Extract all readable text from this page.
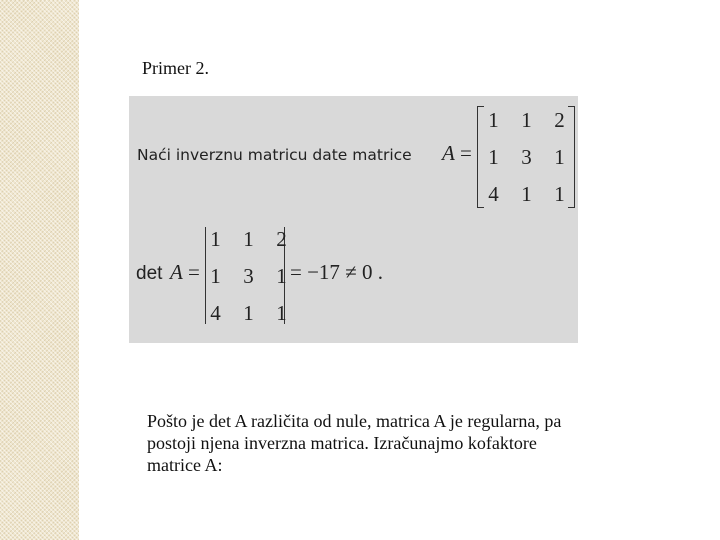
Primer 2.
Naći inverznu matricu date matrice A =
1 1 2
1 3 1
4 1 1
det A =
1 1 2
1 3 1
4 1 1
= −17 ≠ 0 .
Pošto je det A različita od nule, matrica A je regularna, pa
postoji njena inverzna matrica. Izračunajmo kofaktore
matrice A:
